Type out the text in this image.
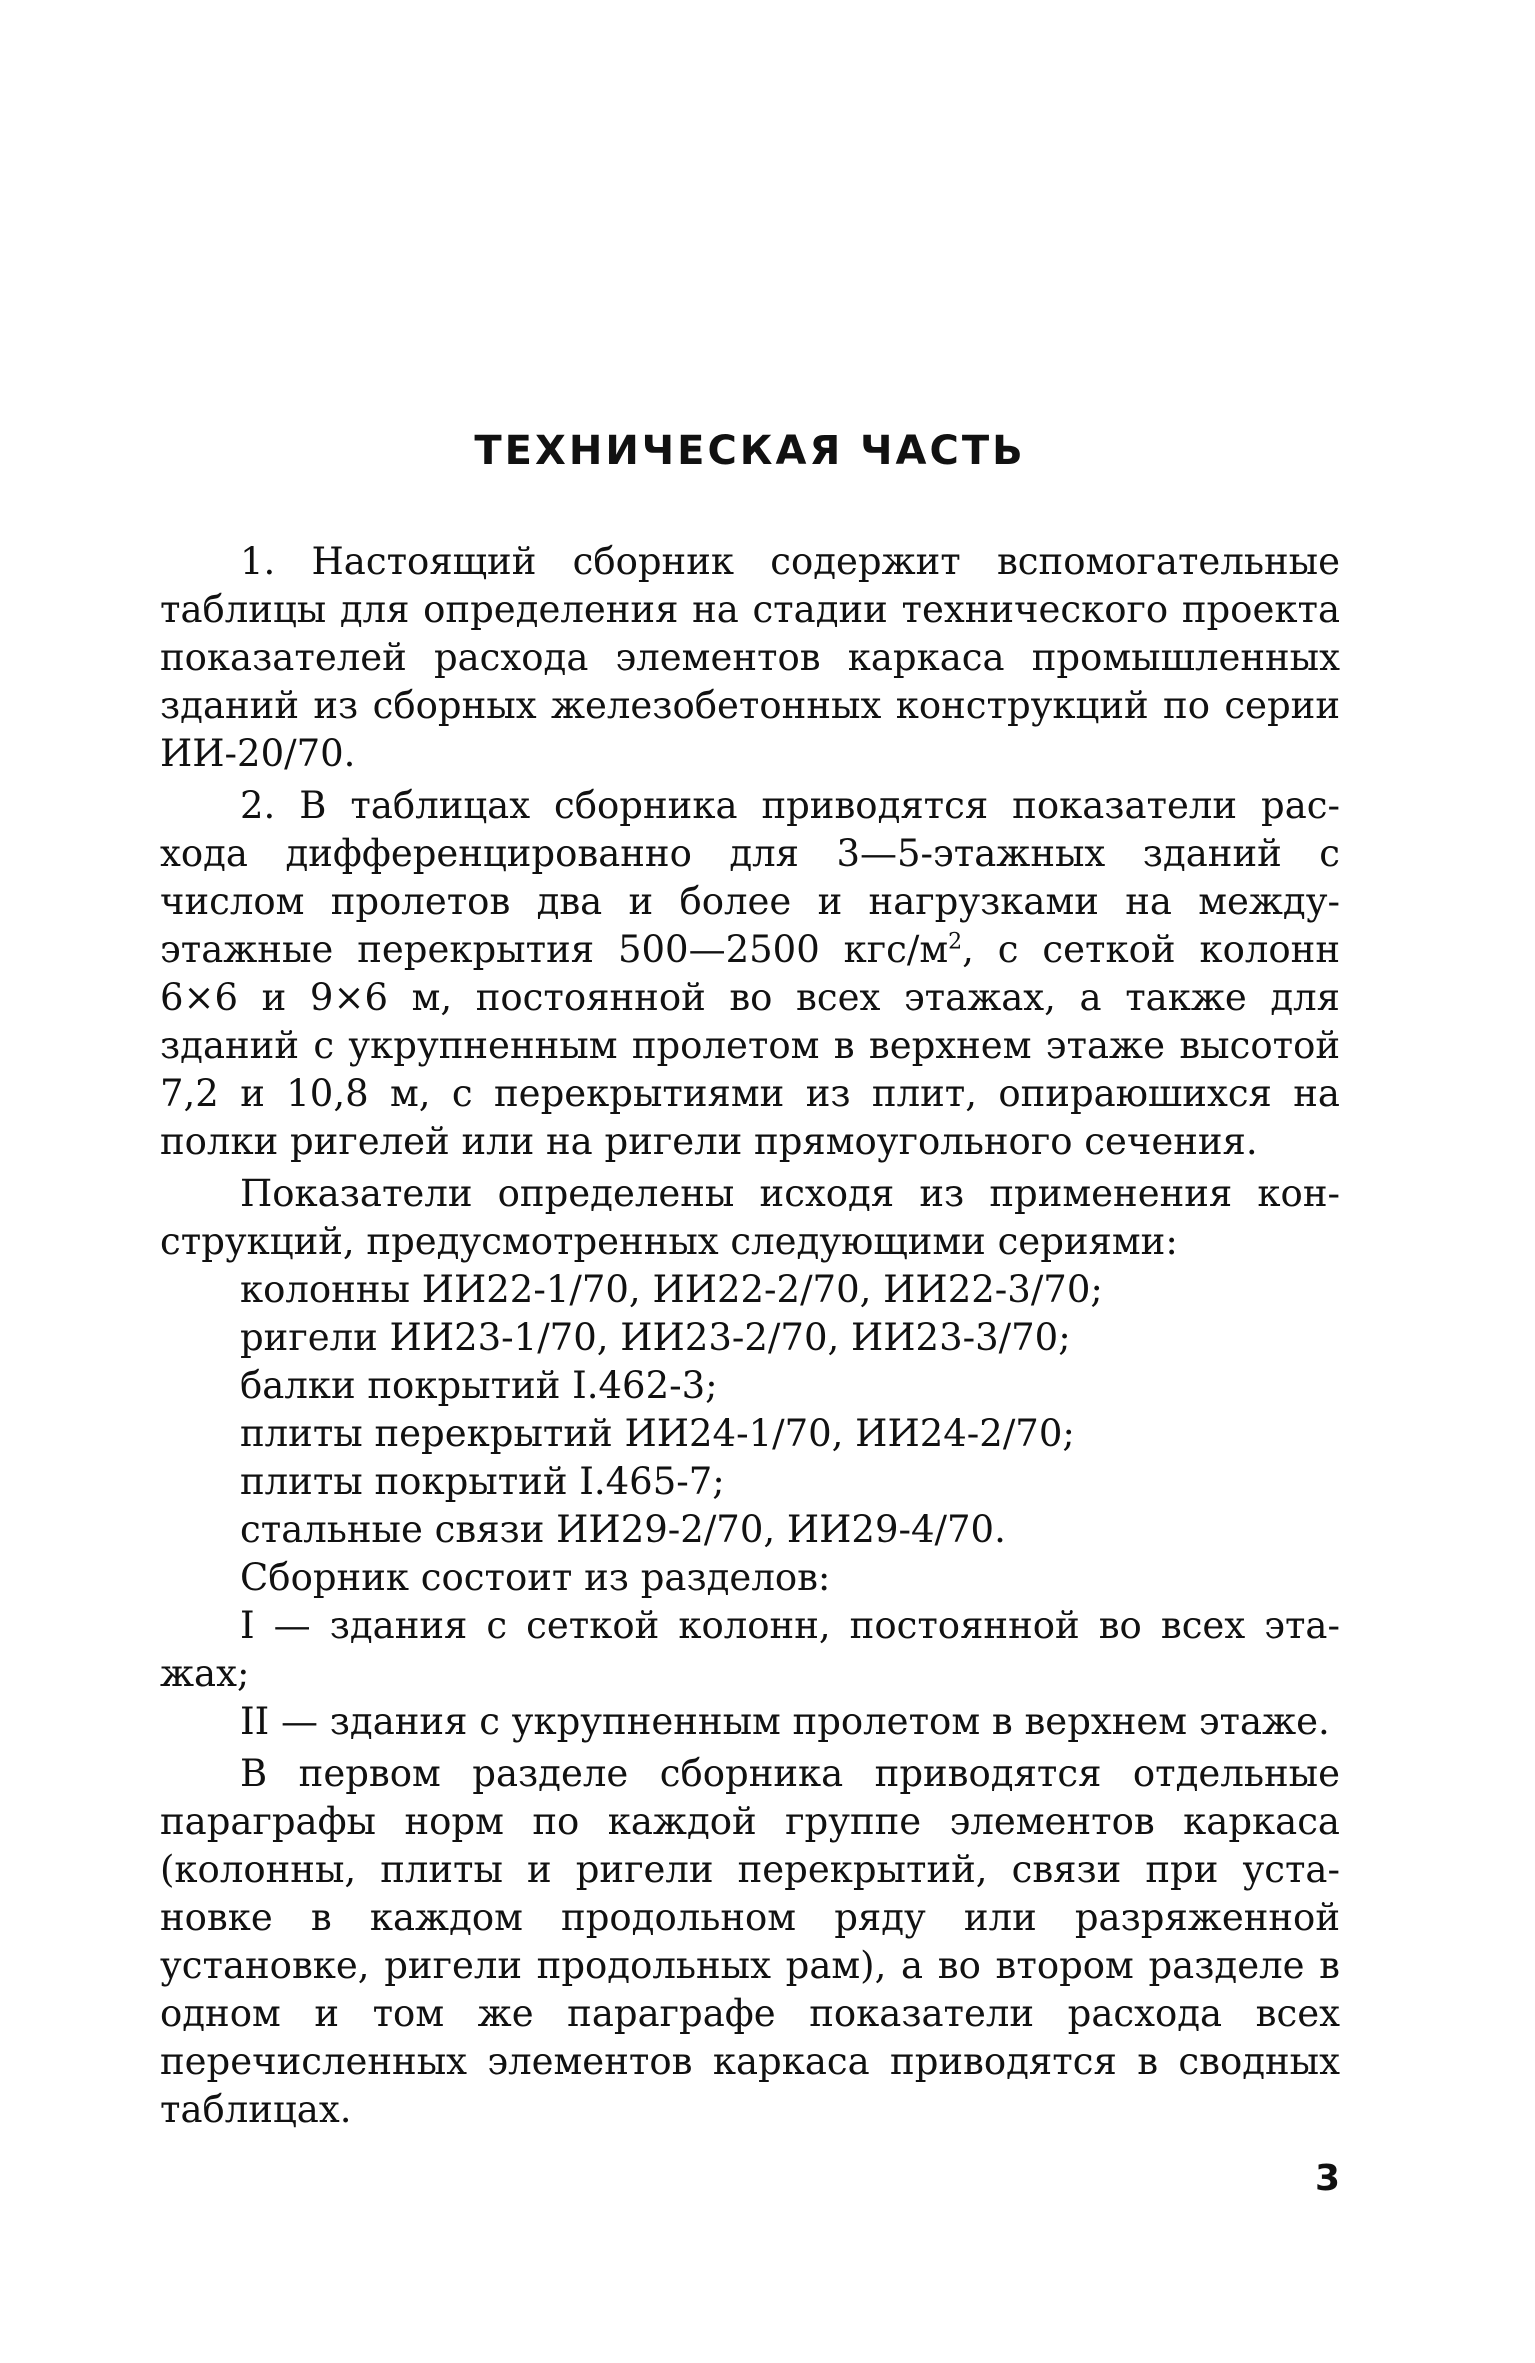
ТЕХНИЧЕСКАЯ ЧАСТЬ

1. Настоящий сборник содержит вспомогательные таблицы для определения на стадии технического проекта показателей расхода элементов каркаса промышленных зданий из сборных железобетонных конструкций по серии ИИ-20/70.

2. В таблицах сборника приводятся показатели расхода дифференцированно для 3—5-этажных зданий с числом пролетов два и более и нагрузками на междуэтажные перекрытия 500—2500 кгс/$м^2$, с сеткой колонн 6×6 и 9×6 м, постоянной во всех этажах, а также для зданий с укрупненным пролетом в верхнем этаже высотой 7,2 и 10,8 м, с перекрытиями из плит, опираюшихся на полки ригелей или на ригели прямоугольного сечения.

Показатели определены исходя из применения конструкций, предусмотренных следующими сериями:

колонны ИИ22-1/70, ИИ22-2/70, ИИ22-3/70;

ригели ИИ23-1/70, ИИ23-2/70, ИИ23-3/70;

балки покрытий I.462-3;

плиты перекрытий ИИ24-1/70, ИИ24-2/70;

плиты покрытий I.465-7;

стальные связи ИИ29-2/70, ИИ29-4/70.

Сборник состоит из разделов:

I — здания с сеткой колонн, постоянной во всех этажах;

II — здания с укрупненным пролетом в верхнем этаже.

В первом разделе сборника приводятся отдельные параграфы норм по каждой группе элементов каркаса (колонны, плиты и ригели перекрытий, связи при установке в каждом продольном ряду или разряженной установке, ригели продольных рам), а во втором разделе в одном и том же параграфе показатели расхода всех перечисленных элементов каркаса приводятся в сводных таблицах.

3
